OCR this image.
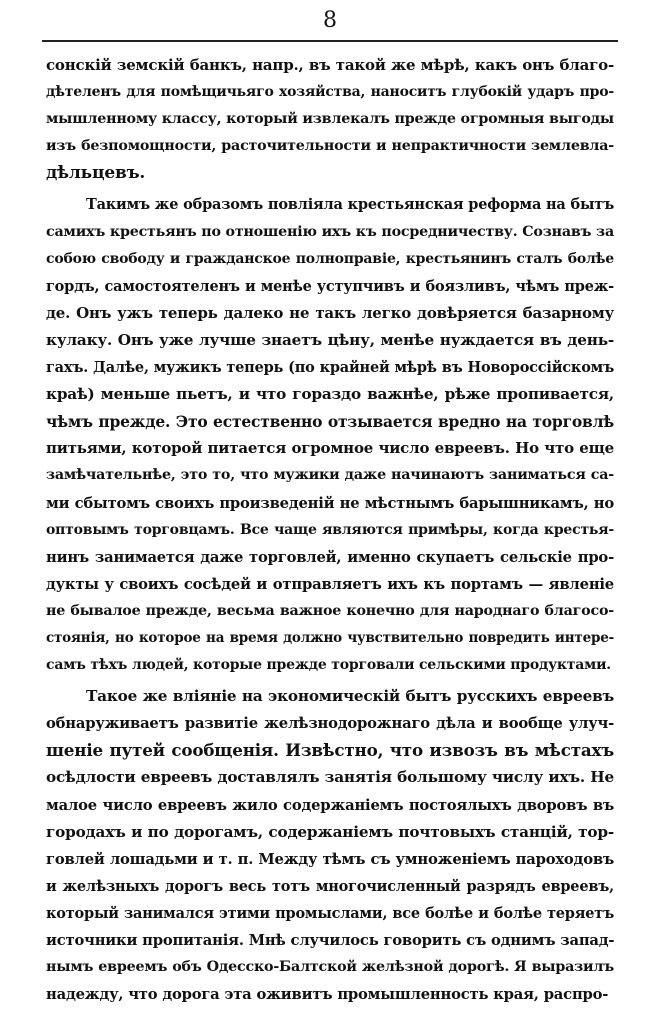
8
сонскій земскій банкъ, напр., въ такой же мѣрѣ, какъ онъ благо-
дѣтеленъ для помѣщичьяго хозяйства, наноситъ глубокій ударъ про-
мышленному классу, который извлекалъ прежде огромныя выгоды
изъ безпомощности, расточительности и непрактичности землевла-
дѣльцевъ.
Такимъ же образомъ повліяла крестьянская реформа на бытъ
самихъ крестьянъ по отношенію ихъ къ посредничеству. Сознавъ за
собою свободу и гражданское полноправіе, крестьянинъ сталъ болѣе
гордъ, самостоятеленъ и менѣе уступчивъ и боязливъ, чѣмъ преж-
де. Онъ ужъ теперь далеко не такъ легко довѣряется базарному
кулаку. Онъ уже лучше знаетъ цѣну, менѣе нуждается въ день-
гахъ. Далѣе, мужикъ теперь (по крайней мѣрѣ въ Новороссійскомъ
краѣ) меньше пьетъ, и что гораздо важнѣе, рѣже пропивается,
чѣмъ прежде. Это естественно отзывается вредно на торговлѣ
питьями, которой питается огромное число евреевъ. Но что еще
замѣчательнѣе, это то, что мужики даже начинаютъ заниматься са-
ми сбытомъ своихъ произведеній не мѣстнымъ барышникамъ, но
оптовымъ торговцамъ. Все чаще являются примѣры, когда крестья-
нинъ занимается даже торговлей, именно скупаетъ сельскіе про-
дукты у своихъ сосѣдей и отправляетъ ихъ къ портамъ — явленіе
не бывалое прежде, весьма важное конечно для народнаго благосо-
стоянія, но которое на время должно чувствительно повредить интере-
самъ тѣхъ людей, которые прежде торговали сельскими продуктами.
Такое же вліяніе на экономическій бытъ русскихъ евреевъ
обнаруживаетъ развитіе желѣзнодорожнаго дѣла и вообще улуч-
шеніе путей сообщенія. Извѣстно, что извозъ въ мѣстахъ
осѣдлости евреевъ доставлялъ занятія большому числу ихъ. Не
малое число евреевъ жило содержаніемъ постоялыхъ дворовъ въ
городахъ и по дорогамъ, содержаніемъ почтовыхъ станцій, тор-
говлей лошадьми и т. п. Между тѣмъ съ умноженіемъ пароходовъ
и желѣзныхъ дорогъ весь тотъ многочисленный разрядъ евреевъ,
который занимался этими промыслами, все болѣе и болѣе теряетъ
источники пропитанія. Мнѣ случилось говорить съ однимъ запад-
нымъ евреемъ объ Одесско-Балтской желѣзной дорогѣ. Я выразилъ
надежду, что дорога эта оживитъ промышленность края, распро-
